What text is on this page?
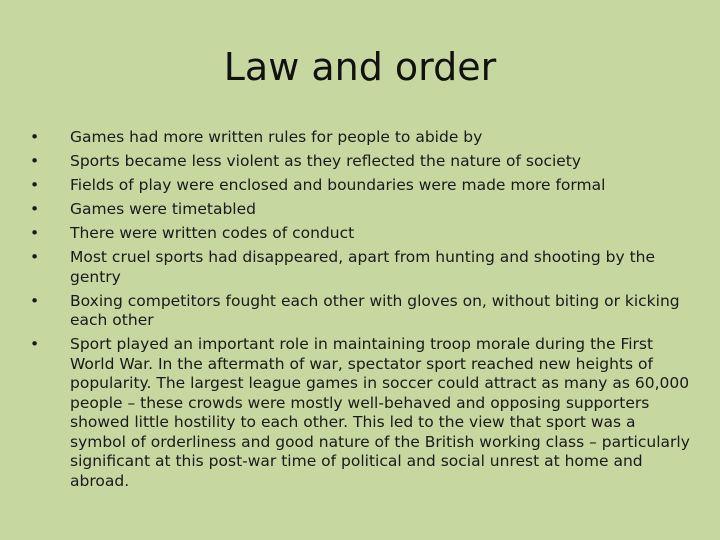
Law and order
• Games had more written rules for people to abide by
• Sports became less violent as they reflected the nature of society
• Fields of play were enclosed and boundaries were made more formal
• Games were timetabled
• There were written codes of conduct
• Most cruel sports had disappeared, apart from hunting and shooting by the gentry
• Boxing competitors fought each other with gloves on, without biting or kicking each other
• Sport played an important role in maintaining troop morale during the First World War. In the aftermath of war, spectator sport reached new heights of popularity. The largest league games in soccer could attract as many as 60,000 people – these crowds were mostly well-behaved and opposing supporters showed little hostility to each other. This led to the view that sport was a symbol of orderliness and good nature of the British working class – particularly significant at this post-war time of political and social unrest at home and abroad.
